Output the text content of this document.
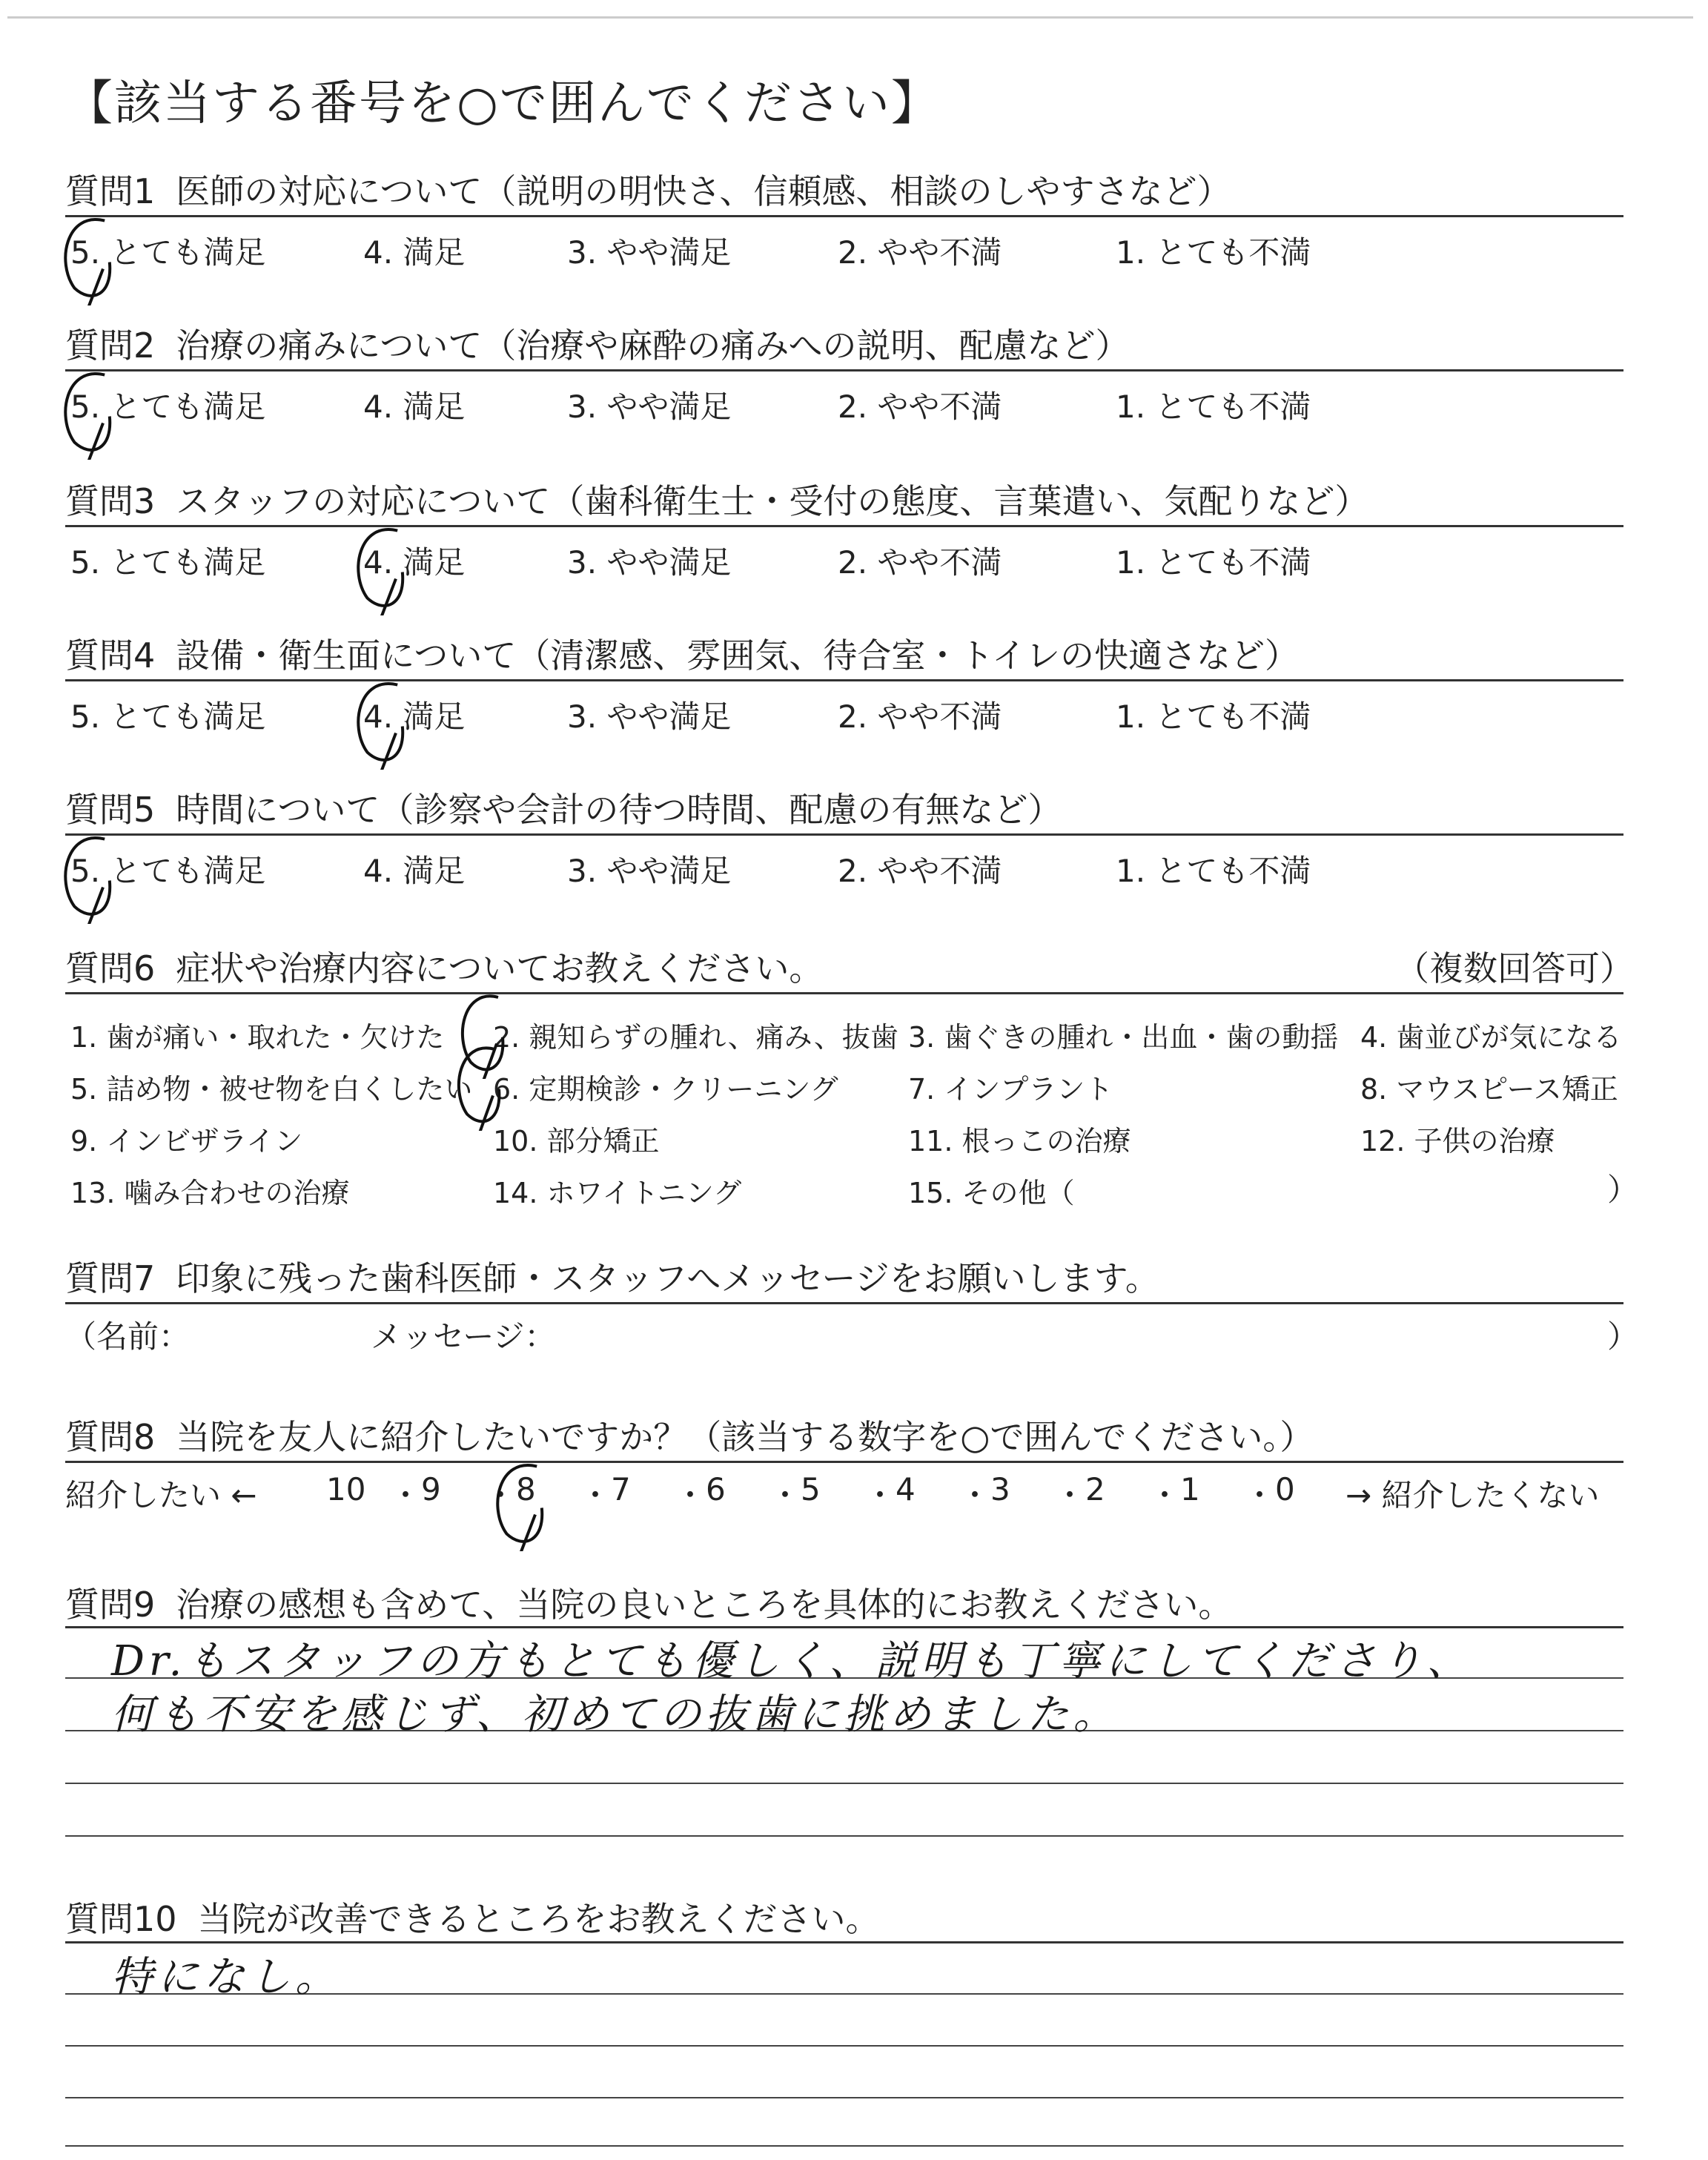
【該当する番号を○で囲んでください】
質問1 医師の対応について（説明の明快さ、信頼感、相談のしやすさなど）
5. とても満足	4. 満足	3. やや満足	2. やや不満	1. とても不満
質問2 治療の痛みについて（治療や麻酔の痛みへの説明、配慮など）
5. とても満足	4. 満足	3. やや満足	2. やや不満	1. とても不満
質問3 スタッフの対応について（歯科衛生士・受付の態度、言葉遣い、気配りなど）
5. とても満足	4. 満足	3. やや満足	2. やや不満	1. とても不満
質問4 設備・衛生面について（清潔感、雰囲気、待合室・トイレの快適さなど）
5. とても満足	4. 満足	3. やや満足	2. やや不満	1. とても不満
質問5 時間について（診察や会計の待つ時間、配慮の有無など）
5. とても満足	4. 満足	3. やや満足	2. やや不満	1. とても不満
質問6 症状や治療内容についてお教えください。	（複数回答可）
1. 歯が痛い・取れた・欠けた 2. 親知らずの腫れ、痛み、抜歯 3. 歯ぐきの腫れ・出血・歯の動揺 4. 歯並びが気になる
5. 詰め物・被せ物を白くしたい 6. 定期検診・クリーニング 7. インプラント	8. マウスピース矯正
9. インビザライン	10. 部分矯正	11. 根っこの治療	12. 子供の治療
13. 噛み合わせの治療	14. ホワイトニング	15. その他（	）
質問7 印象に残った歯科医師・スタッフへメッセージをお願いします。
（名前：	メッセージ：	）
質問8 当院を友人に紹介したいですか？（該当する数字を○で囲んでください。）
紹介したい ← 10 ・ 9 ・ 8 ・ 7 ・ 6 ・ 5 ・ 4 ・ 3 ・ 2 ・ 1 ・ 0 → 紹介したくない
質問9 治療の感想も含めて、当院の良いところを具体的にお教えください。
Dr.もスタッフの方もとても優しく、説明も丁寧にしてくださり、
何も不安を感じず、初めての抜歯に挑めました。
質問10 当院が改善できるところをお教えください。
特になし。
